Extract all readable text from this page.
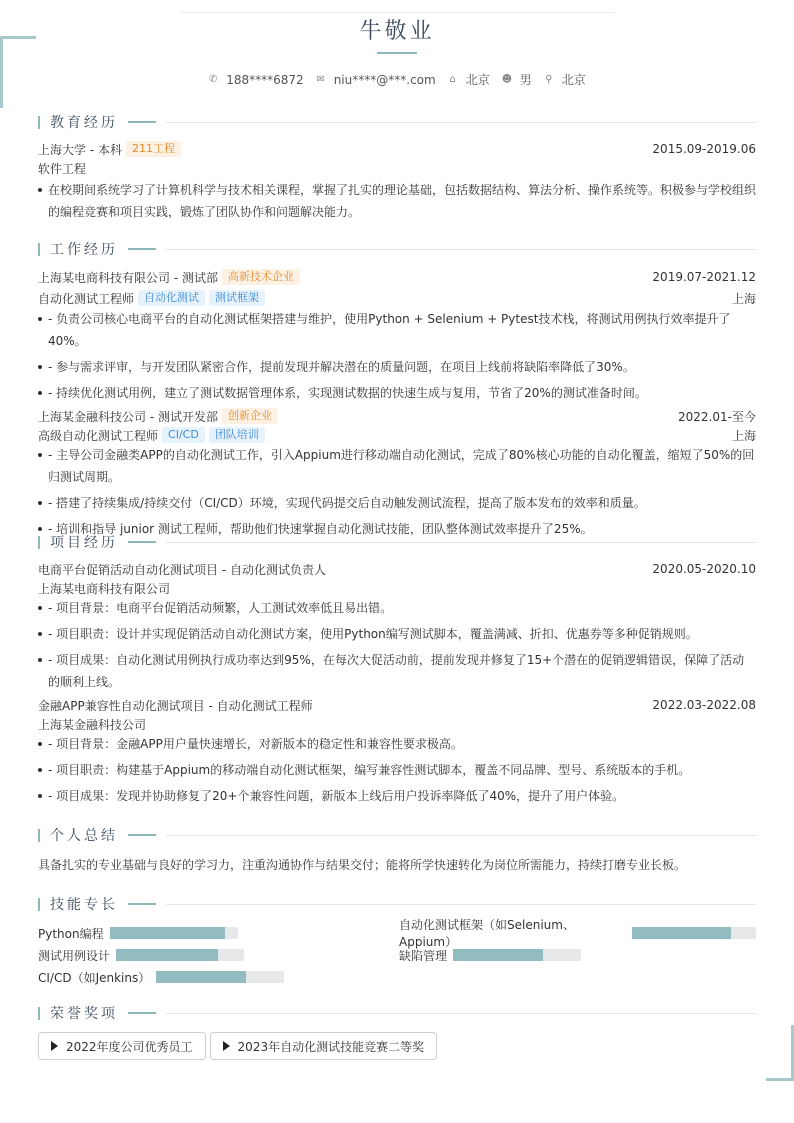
牛敬业
✆ 188****6872 ✉ niu****@***.com ⌂ 北京 ☻ 男 ⚲ 北京
教育经历
上海大学 - 本科 211工程	2015.09-2019.06
软件工程
在校期间系统学习了计算机科学与技术相关课程，掌握了扎实的理论基础，包括数据结构、算法分析、操作系统等。积极参与学校组织的编程竞赛和项目实践，锻炼了团队协作和问题解决能力。
工作经历
上海某电商科技有限公司 - 测试部 高新技术企业	2019.07-2021.12
自动化测试工程师 自动化测试	测试框架	上海
- 负责公司核心电商平台的自动化测试框架搭建与维护，使用Python + Selenium + Pytest技术栈，将测试用例执行效率提升了40%。
- 参与需求评审，与开发团队紧密合作，提前发现并解决潜在的质量问题，在项目上线前将缺陷率降低了30%。
- 持续优化测试用例，建立了测试数据管理体系，实现测试数据的快速生成与复用，节省了20%的测试准备时间。
上海某金融科技公司 - 测试开发部 创新企业	2022.01-至今
高级自动化测试工程师 CI/CD	团队培训	上海
- 主导公司金融类APP的自动化测试工作，引入Appium进行移动端自动化测试，完成了80%核心功能的自动化覆盖，缩短了50%的回归测试周期。
- 搭建了持续集成/持续交付（CI/CD）环境，实现代码提交后自动触发测试流程，提高了版本发布的效率和质量。
- 培训和指导 junior 测试工程师，帮助他们快速掌握自动化测试技能，团队整体测试效率提升了25%。
项目经历
电商平台促销活动自动化测试项目 - 自动化测试负责人	2020.05-2020.10
上海某电商科技有限公司
- 项目背景：电商平台促销活动频繁，人工测试效率低且易出错。
- 项目职责：设计并实现促销活动自动化测试方案，使用Python编写测试脚本，覆盖满减、折扣、优惠券等多种促销规则。
- 项目成果：自动化测试用例执行成功率达到95%，在每次大促活动前，提前发现并修复了15+个潜在的促销逻辑错误，保障了活动的顺利上线。
金融APP兼容性自动化测试项目 - 自动化测试工程师	2022.03-2022.08
上海某金融科技公司
- 项目背景：金融APP用户量快速增长，对新版本的稳定性和兼容性要求极高。
- 项目职责：构建基于Appium的移动端自动化测试框架，编写兼容性测试脚本，覆盖不同品牌、型号、系统版本的手机。
- 项目成果：发现并协助修复了20+个兼容性问题，新版本上线后用户投诉率降低了40%，提升了用户体验。
个人总结
具备扎实的专业基础与良好的学习力，注重沟通协作与结果交付；能将所学快速转化为岗位所需能力，持续打磨专业长板。
技能专长
Python编程
自动化测试框架（如Selenium、Appium）
测试用例设计	缺陷管理
CI/CD（如Jenkins）
荣誉奖项
2022年度公司优秀员工	2023年自动化测试技能竞赛二等奖
